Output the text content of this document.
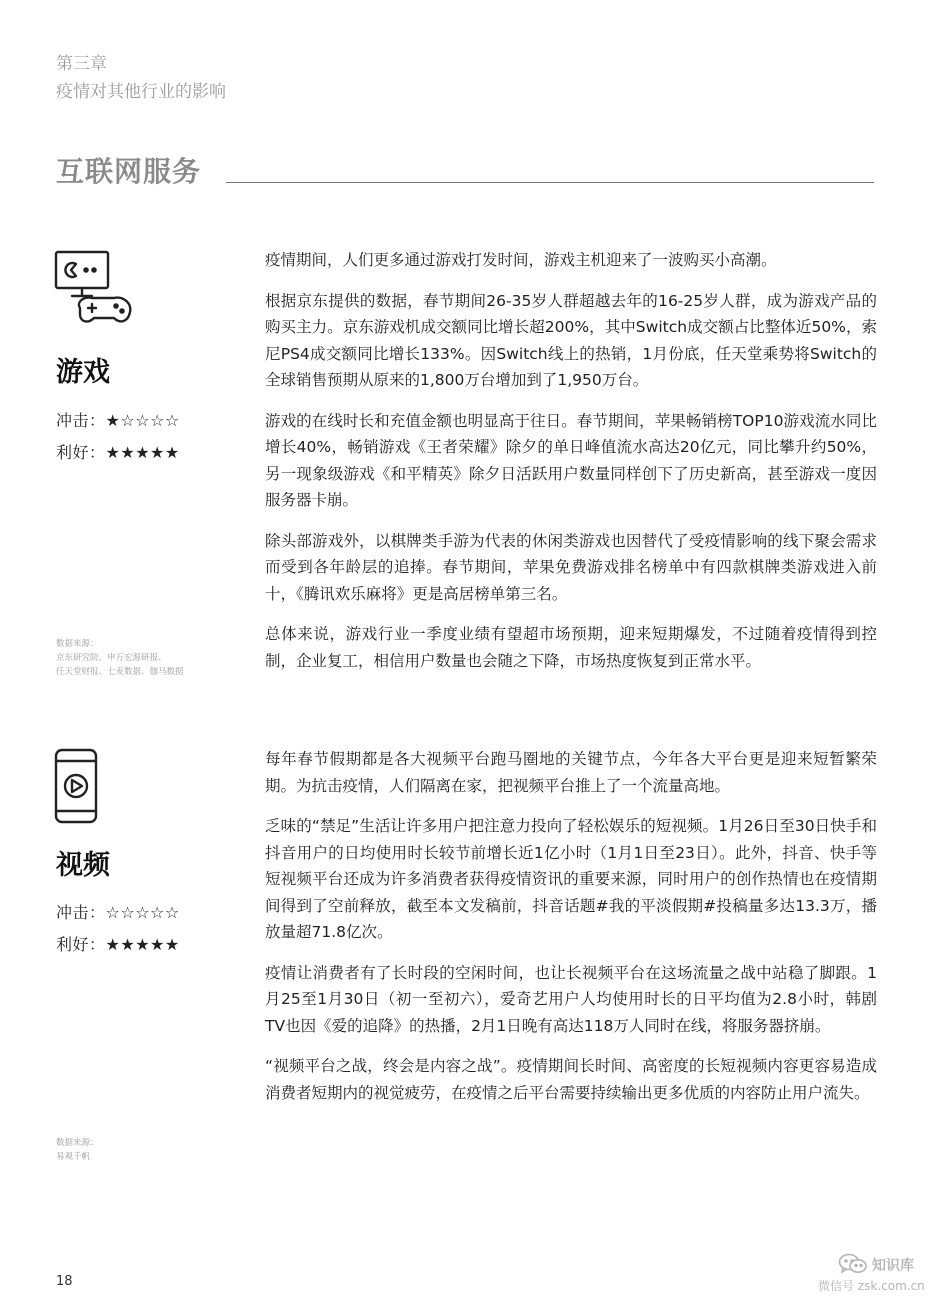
第三章
疫情对其他行业的影响
互联网服务
游戏
冲击：★☆☆☆☆
利好：★★★★★
数据来源：
京东研究院、申万宏源研报、
任天堂财报、七麦数据、伽马数据

疫情期间，人们更多通过游戏打发时间，游戏主机迎来了一波购买小高潮。

根据京东提供的数据，春节期间26-35岁人群超越去年的16-25岁人群，成为游戏产品的购买主力。京东游戏机成交额同比增长超200%，其中Switch成交额占比整体近50%，索尼PS4成交额同比增长133%。因Switch线上的热销，1月份底，任天堂乘势将Switch的全球销售预期从原来的1,800万台增加到了1,950万台。

游戏的在线时长和充值金额也明显高于往日。春节期间，苹果畅销榜TOP10游戏流水同比增长40%，畅销游戏《王者荣耀》除夕的单日峰值流水高达20亿元，同比攀升约50%，另一现象级游戏《和平精英》除夕日活跃用户数量同样创下了历史新高，甚至游戏一度因服务器卡崩。

除头部游戏外，以棋牌类手游为代表的休闲类游戏也因替代了受疫情影响的线下聚会需求而受到各年龄层的追捧。春节期间，苹果免费游戏排名榜单中有四款棋牌类游戏进入前十，《腾讯欢乐麻将》更是高居榜单第三名。

总体来说，游戏行业一季度业绩有望超市场预期，迎来短期爆发，不过随着疫情得到控制，企业复工，相信用户数量也会随之下降，市场热度恢复到正常水平。

视频
冲击：☆☆☆☆☆
利好：★★★★★
数据来源：
易观千帆

每年春节假期都是各大视频平台跑马圈地的关键节点，今年各大平台更是迎来短暂繁荣期。为抗击疫情，人们隔离在家，把视频平台推上了一个流量高地。

乏味的“禁足”生活让许多用户把注意力投向了轻松娱乐的短视频。1月26日至30日快手和抖音用户的日均使用时长较节前增长近1亿小时（1月1日至23日）。此外，抖音、快手等短视频平台还成为许多消费者获得疫情资讯的重要来源，同时用户的创作热情也在疫情期间得到了空前释放，截至本文发稿前，抖音话题#我的平淡假期#投稿量多达13.3万，播放量超71.8亿次。

疫情让消费者有了长时段的空闲时间，也让长视频平台在这场流量之战中站稳了脚跟。1月25至1月30日（初一至初六），爱奇艺用户人均使用时长的日平均值为2.8小时，韩剧TV也因《爱的追降》的热播，2月1日晚有高达118万人同时在线，将服务器挤崩。

“视频平台之战，终会是内容之战”。疫情期间长时间、高密度的长短视频内容更容易造成消费者短期内的视觉疲劳，在疫情之后平台需要持续输出更多优质的内容防止用户流失。

18
知识库
微信号 zsk.com.cn
